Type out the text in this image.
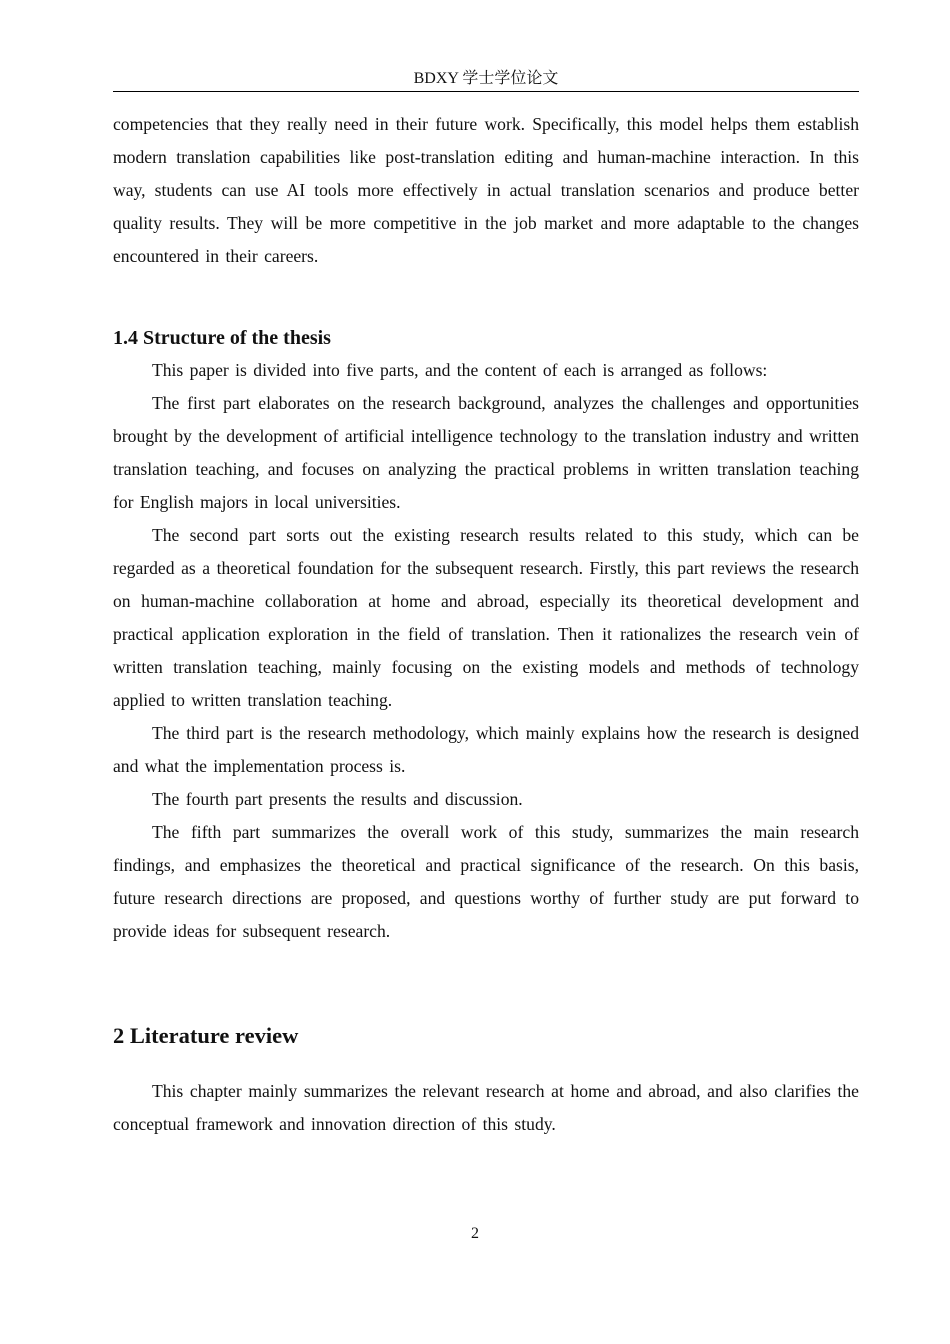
BDXY 学士学位论文

competencies that they really need in their future work. Specifically, this model helps them establish modern translation capabilities like post-translation editing and human-machine interaction. In this way, students can use AI tools more effectively in actual translation scenarios and produce better quality results. They will be more competitive in the job market and more adaptable to the changes encountered in their careers.

1.4 Structure of the thesis

This paper is divided into five parts, and the content of each is arranged as follows:

The first part elaborates on the research background, analyzes the challenges and opportunities brought by the development of artificial intelligence technology to the translation industry and written translation teaching, and focuses on analyzing the practical problems in written translation teaching for English majors in local universities.

The second part sorts out the existing research results related to this study, which can be regarded as a theoretical foundation for the subsequent research. Firstly, this part reviews the research on human-machine collaboration at home and abroad, especially its theoretical development and practical application exploration in the field of translation. Then it rationalizes the research vein of written translation teaching, mainly focusing on the existing models and methods of technology applied to written translation teaching.

The third part is the research methodology, which mainly explains how the research is designed and what the implementation process is.

The fourth part presents the results and discussion.

The fifth part summarizes the overall work of this study, summarizes the main research findings, and emphasizes the theoretical and practical significance of the research. On this basis, future research directions are proposed, and questions worthy of further study are put forward to provide ideas for subsequent research.

2 Literature review

This chapter mainly summarizes the relevant research at home and abroad, and also clarifies the conceptual framework and innovation direction of this study.

2
